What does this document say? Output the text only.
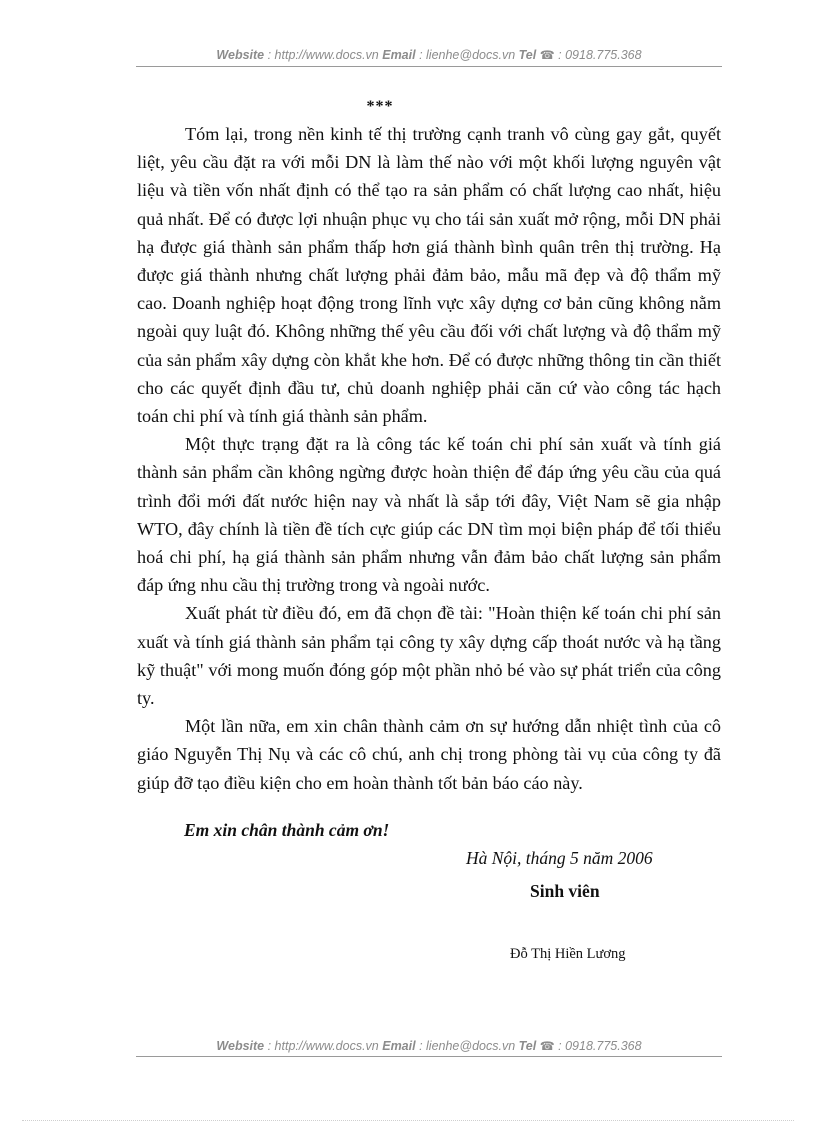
Website : http://www.docs.vn Email : lienhe@docs.vn Tel ☎ : 0918.775.368
***

Tóm lại, trong nền kinh tế thị trường cạnh tranh vô cùng gay gắt, quyết liệt, yêu cầu đặt ra với mỗi DN là làm thế nào với một khối lượng nguyên vật liệu và tiền vốn nhất định có thể tạo ra sản phẩm có chất lượng cao nhất, hiệu quả nhất. Để có được lợi nhuận phục vụ cho tái sản xuất mở rộng, mỗi DN phải hạ được giá thành sản phẩm thấp hơn giá thành bình quân trên thị trường. Hạ được giá thành nhưng chất lượng phải đảm bảo, mẫu mã đẹp và độ thẩm mỹ cao. Doanh nghiệp hoạt động trong lĩnh vực xây dựng cơ bản cũng không nằm ngoài quy luật đó. Không những thế yêu cầu đối với chất lượng và độ thẩm mỹ của sản phẩm xây dựng còn khắt khe hơn. Để có được những thông tin cần thiết cho các quyết định đầu tư, chủ doanh nghiệp phải căn cứ vào công tác hạch toán chi phí và tính giá thành sản phẩm.

Một thực trạng đặt ra là công tác kế toán chi phí sản xuất và tính giá thành sản phẩm cần không ngừng được hoàn thiện để đáp ứng yêu cầu của quá trình đổi mới đất nước hiện nay và nhất là sắp tới đây, Việt Nam sẽ gia nhập WTO, đây chính là tiền đề tích cực giúp các DN tìm mọi biện pháp để tối thiểu hoá chi phí, hạ giá thành sản phẩm nhưng vẫn đảm bảo chất lượng sản phẩm đáp ứng nhu cầu thị trường trong và ngoài nước.

Xuất phát từ điều đó, em đã chọn đề tài: "Hoàn thiện kế toán chi phí sản xuất và tính giá thành sản phẩm tại công ty xây dựng cấp thoát nước và hạ tầng kỹ thuật" với mong muốn đóng góp một phần nhỏ bé vào sự phát triển của công ty.

Một lần nữa, em xin chân thành cảm ơn sự hướng dẫn nhiệt tình của cô giáo Nguyễn Thị Nụ và các cô chú, anh chị trong phòng tài vụ của công ty đã giúp đỡ tạo điều kiện cho em hoàn thành tốt bản báo cáo này.

Em xin chân thành cảm ơn!
Hà Nội, tháng 5 năm 2006
Sinh viên
Đỗ Thị Hiền Lương
Website : http://www.docs.vn Email : lienhe@docs.vn Tel ☎ : 0918.775.368
